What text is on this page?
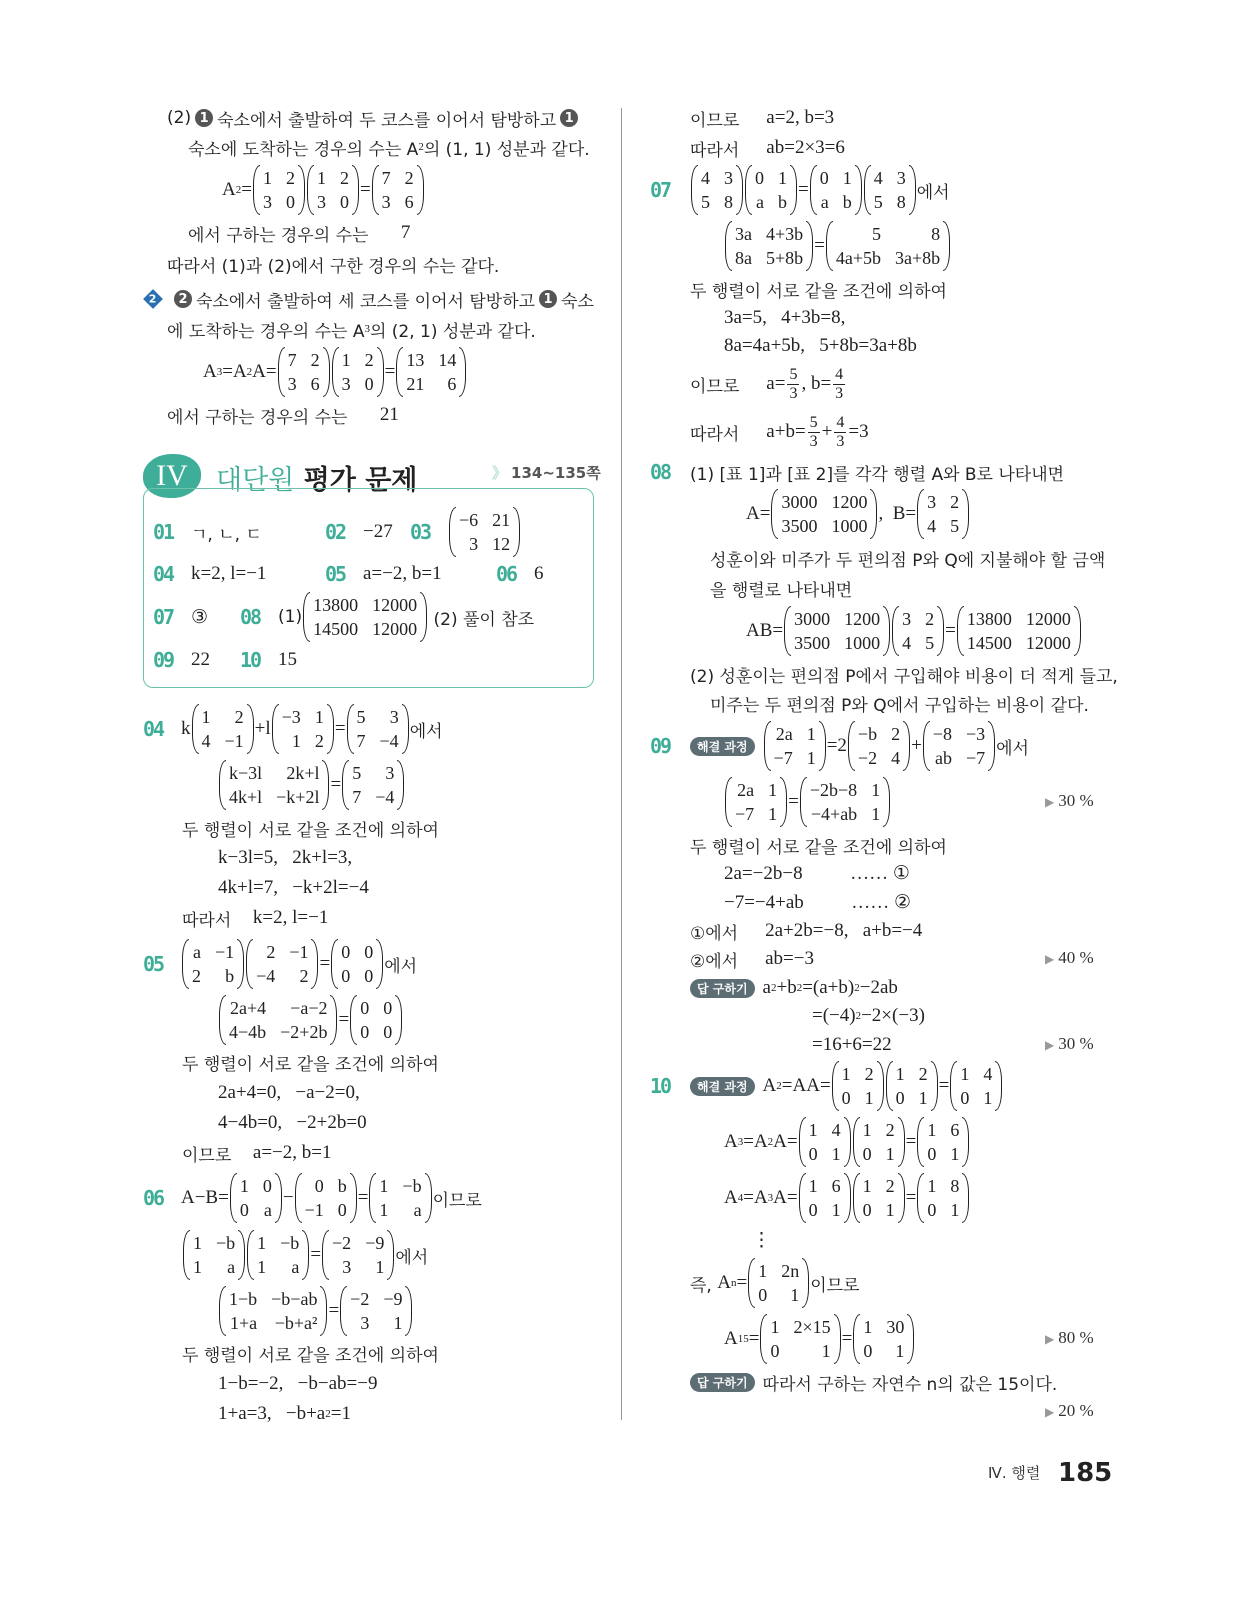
IV	대단원 평가 문제
》	134~135쪽
(2) 1 숙소에서 출발하여 두 코스를 이어서 탐방하고 1
숙소에 도착하는 경우의 수는 A 2 의 (1, 1) 성분과 같다.
A 2 =
1 2
3 0
1 2
3 0
=
7 2
3 6
에서 구하는 경우의 수는 7
따라서 (1)과 (2)에서 구한 경우의 수는 같다.
2	2 숙소에서 출발하여 세 코스를 이어서 탐방하고 1 숙소
에 도착하는 경우의 수는 A 3 의 (2, 1) 성분과 같다.
A 3 =A 2 A=
7 2
3 6
1 2
3 0
=
13 14
21	6
에서 구하는 경우의 수는 21
04 k
1	2
4 −1
+l
−3 1
1 2
=
5	3
7 −4 에서
k−3l	2k+l
4k+l −k+2l
=
5	3
7 −4
두 행렬이 서로 같을 조건에 의하여
k−3l=5,   2k+l=3,
4k+l=7,   −k+2l=−4
따라서 k=2, l=−1
05	a −1
2	b
2 −1
−4	2
=
0 0
0 0 에서
2a+4	−a−2
4−4b −2+2b
=
0 0
0 0
두 행렬이 서로 같을 조건에 의하여
2a+4=0,   −a−2=0,
4−4b=0,   −2+2b=0
이므로 a=−2, b=1
06 A−B=
1 0
0 a
−
0 b
−1 0
=
1 −b
1	a 이므로
1 −b
1	a
1 −b
1	a
=
−2 −9
3	1 에서
1−b −b−ab
1+a −b+a²
=
−2 −9
3	1
두 행렬이 서로 같을 조건에 의하여
1−b=−2,   −b−ab=−9
1+a=3,   −b+a 2 =1
01	ㄱ, ㄴ, ㄷ	02 −27 03	−6 21
3 12
04 k=2, l=−1	05 a=−2, b=1	06 6
07 ③ 08	(1)
13800 12000
14500 12000 (2) 풀이 참조
09 22 10 15
이므로 a=2, b=3
따라서 ab=2×3=6
07	4 3
5 8
0 1
a b
=
0 1
a b
4 3
5 8 에서
3a 4+3b
8a 5+8b
=
5	8
4a+5b 3a+8b
두 행렬이 서로 같을 조건에 의하여
3a=5,   4+3b=8,
8a=4a+5b,   5+8b=3a+8b
이므로 $a= \frac{5}{3}$ , $b= \frac{4}{3}$
따라서 $a+b= \frac{5}{3} + \frac{4}{3} =3$
08	(1) [표 1]과 [표 2]를 각각 행렬 A와 B로 나타내면
A=
3000 1200
3500 1000
,  B=
3 2
4 5
성훈이와 미주가 두 편의점 P와 Q에 지불해야 할 금액
을 행렬로 나타내면
AB=
3000 1200
3500 1000
3 2
4 5
=
13800 12000
14500 12000
(2) 성훈이는 편의점 P에서 구입해야 비용이 더 적게 들고,
미주는 두 편의점 P와 Q에서 구입하는 비용이 같다.
09	해결 과정
2a 1
−7 1
=2
−b 2
−2 4
+
−8 −3
ab −7 에서
▶ 30 %
2a 1
−7 1
=
−2b−8 1
−4+ab 1
두 행렬이 서로 같을 조건에 의하여
2a=−2b−8          …… ①
−7=−4+ab          …… ②
①에서 2a+2b=−8,   a+b=−4
▶ 40 %
②에서 ab=−3
답 구하기 a 2 +b 2 =(a+b) 2 −2ab
=(−4) 2 −2×(−3)
▶ 30 %
=16+6=22
10	해결 과정 A 2 =AA=
1 2
0 1
1 2
0 1
=
1 4
0 1
A 3 =A 2 A=
1 4
0 1
1 2
0 1
=
1 6
0 1
A 4 =A 3 A=
1 6
0 1
1 2
0 1
=
1 8
0 1
⋮
즉, A n =
1 2n
0	1 이므로
▶ 80 %
A 15 =
1 2×15
0	1
=
1 30
0	1
답 구하기 따라서 구하는 자연수 n의 값은 15이다.
▶ 20 %
Ⅳ. 행렬 185
